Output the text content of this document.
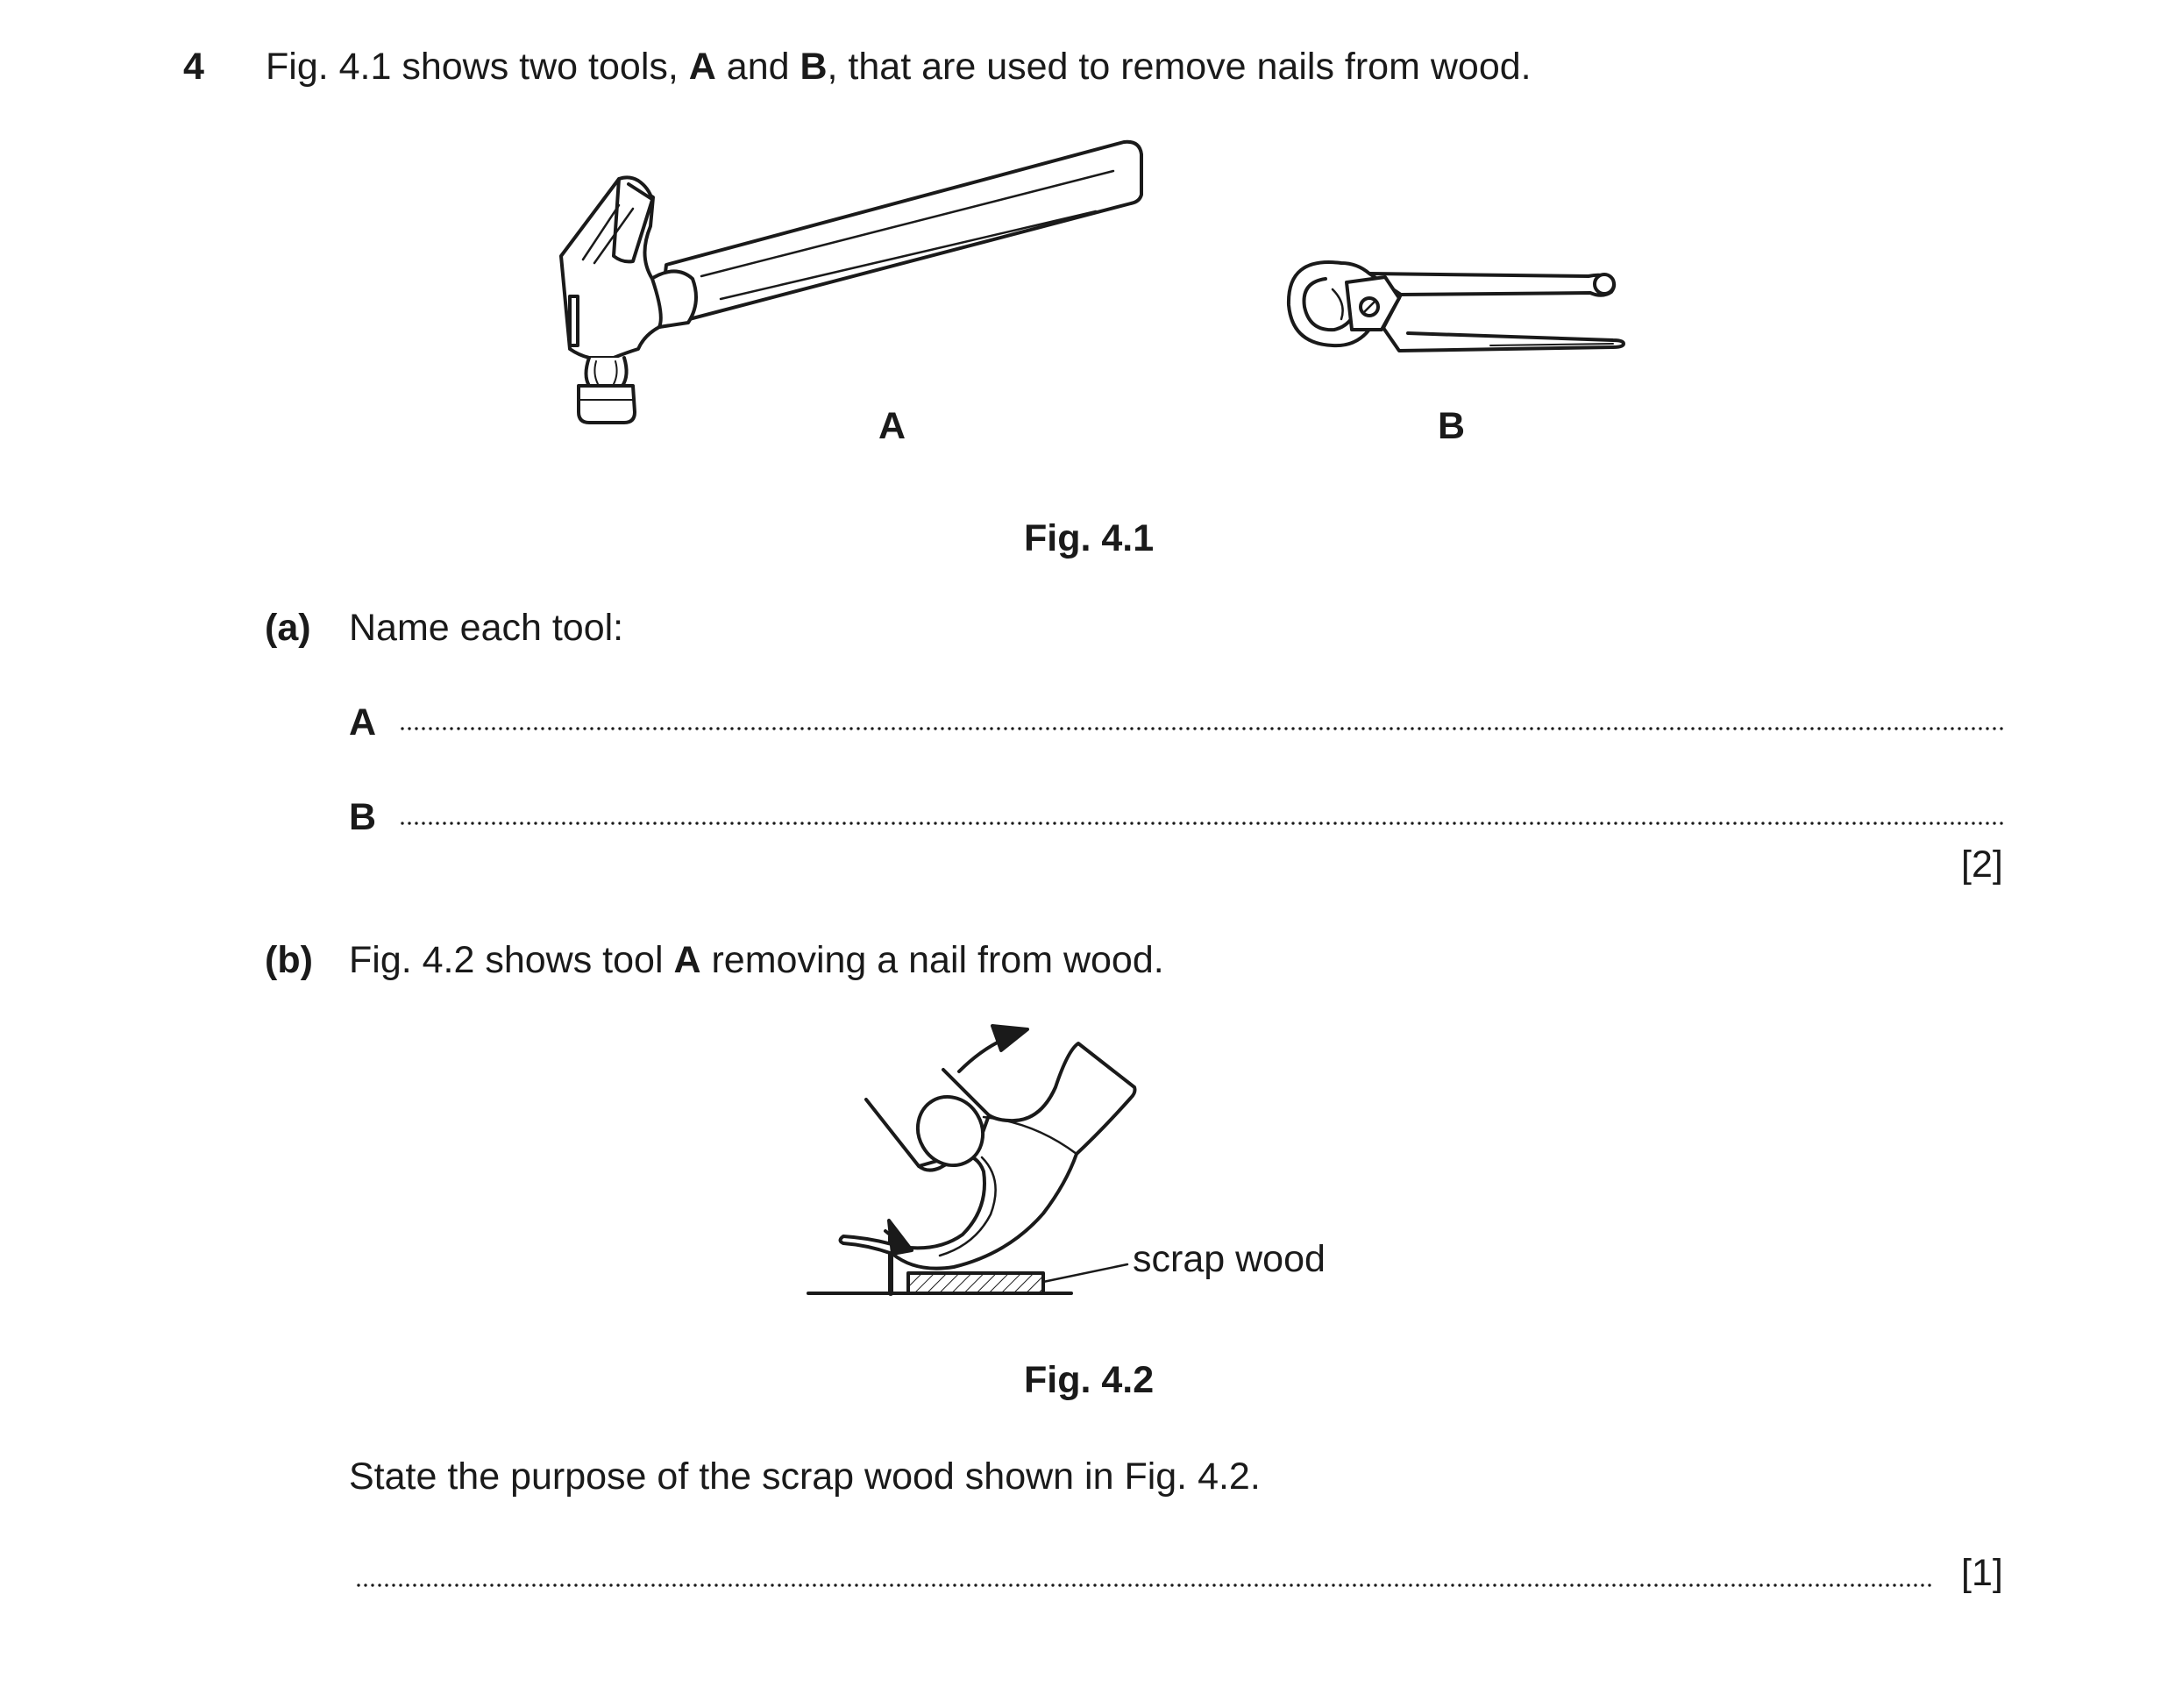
4 Fig. 4.1 shows two tools, A and B, that are used to remove nails from wood.
A	B
Fig. 4.1
(a) Name each tool:
A
B
[2]
(b) Fig. 4.2 shows tool A removing a nail from wood.
scrap wood
Fig. 4.2
State the purpose of the scrap wood shown in Fig. 4.2.
[1]
